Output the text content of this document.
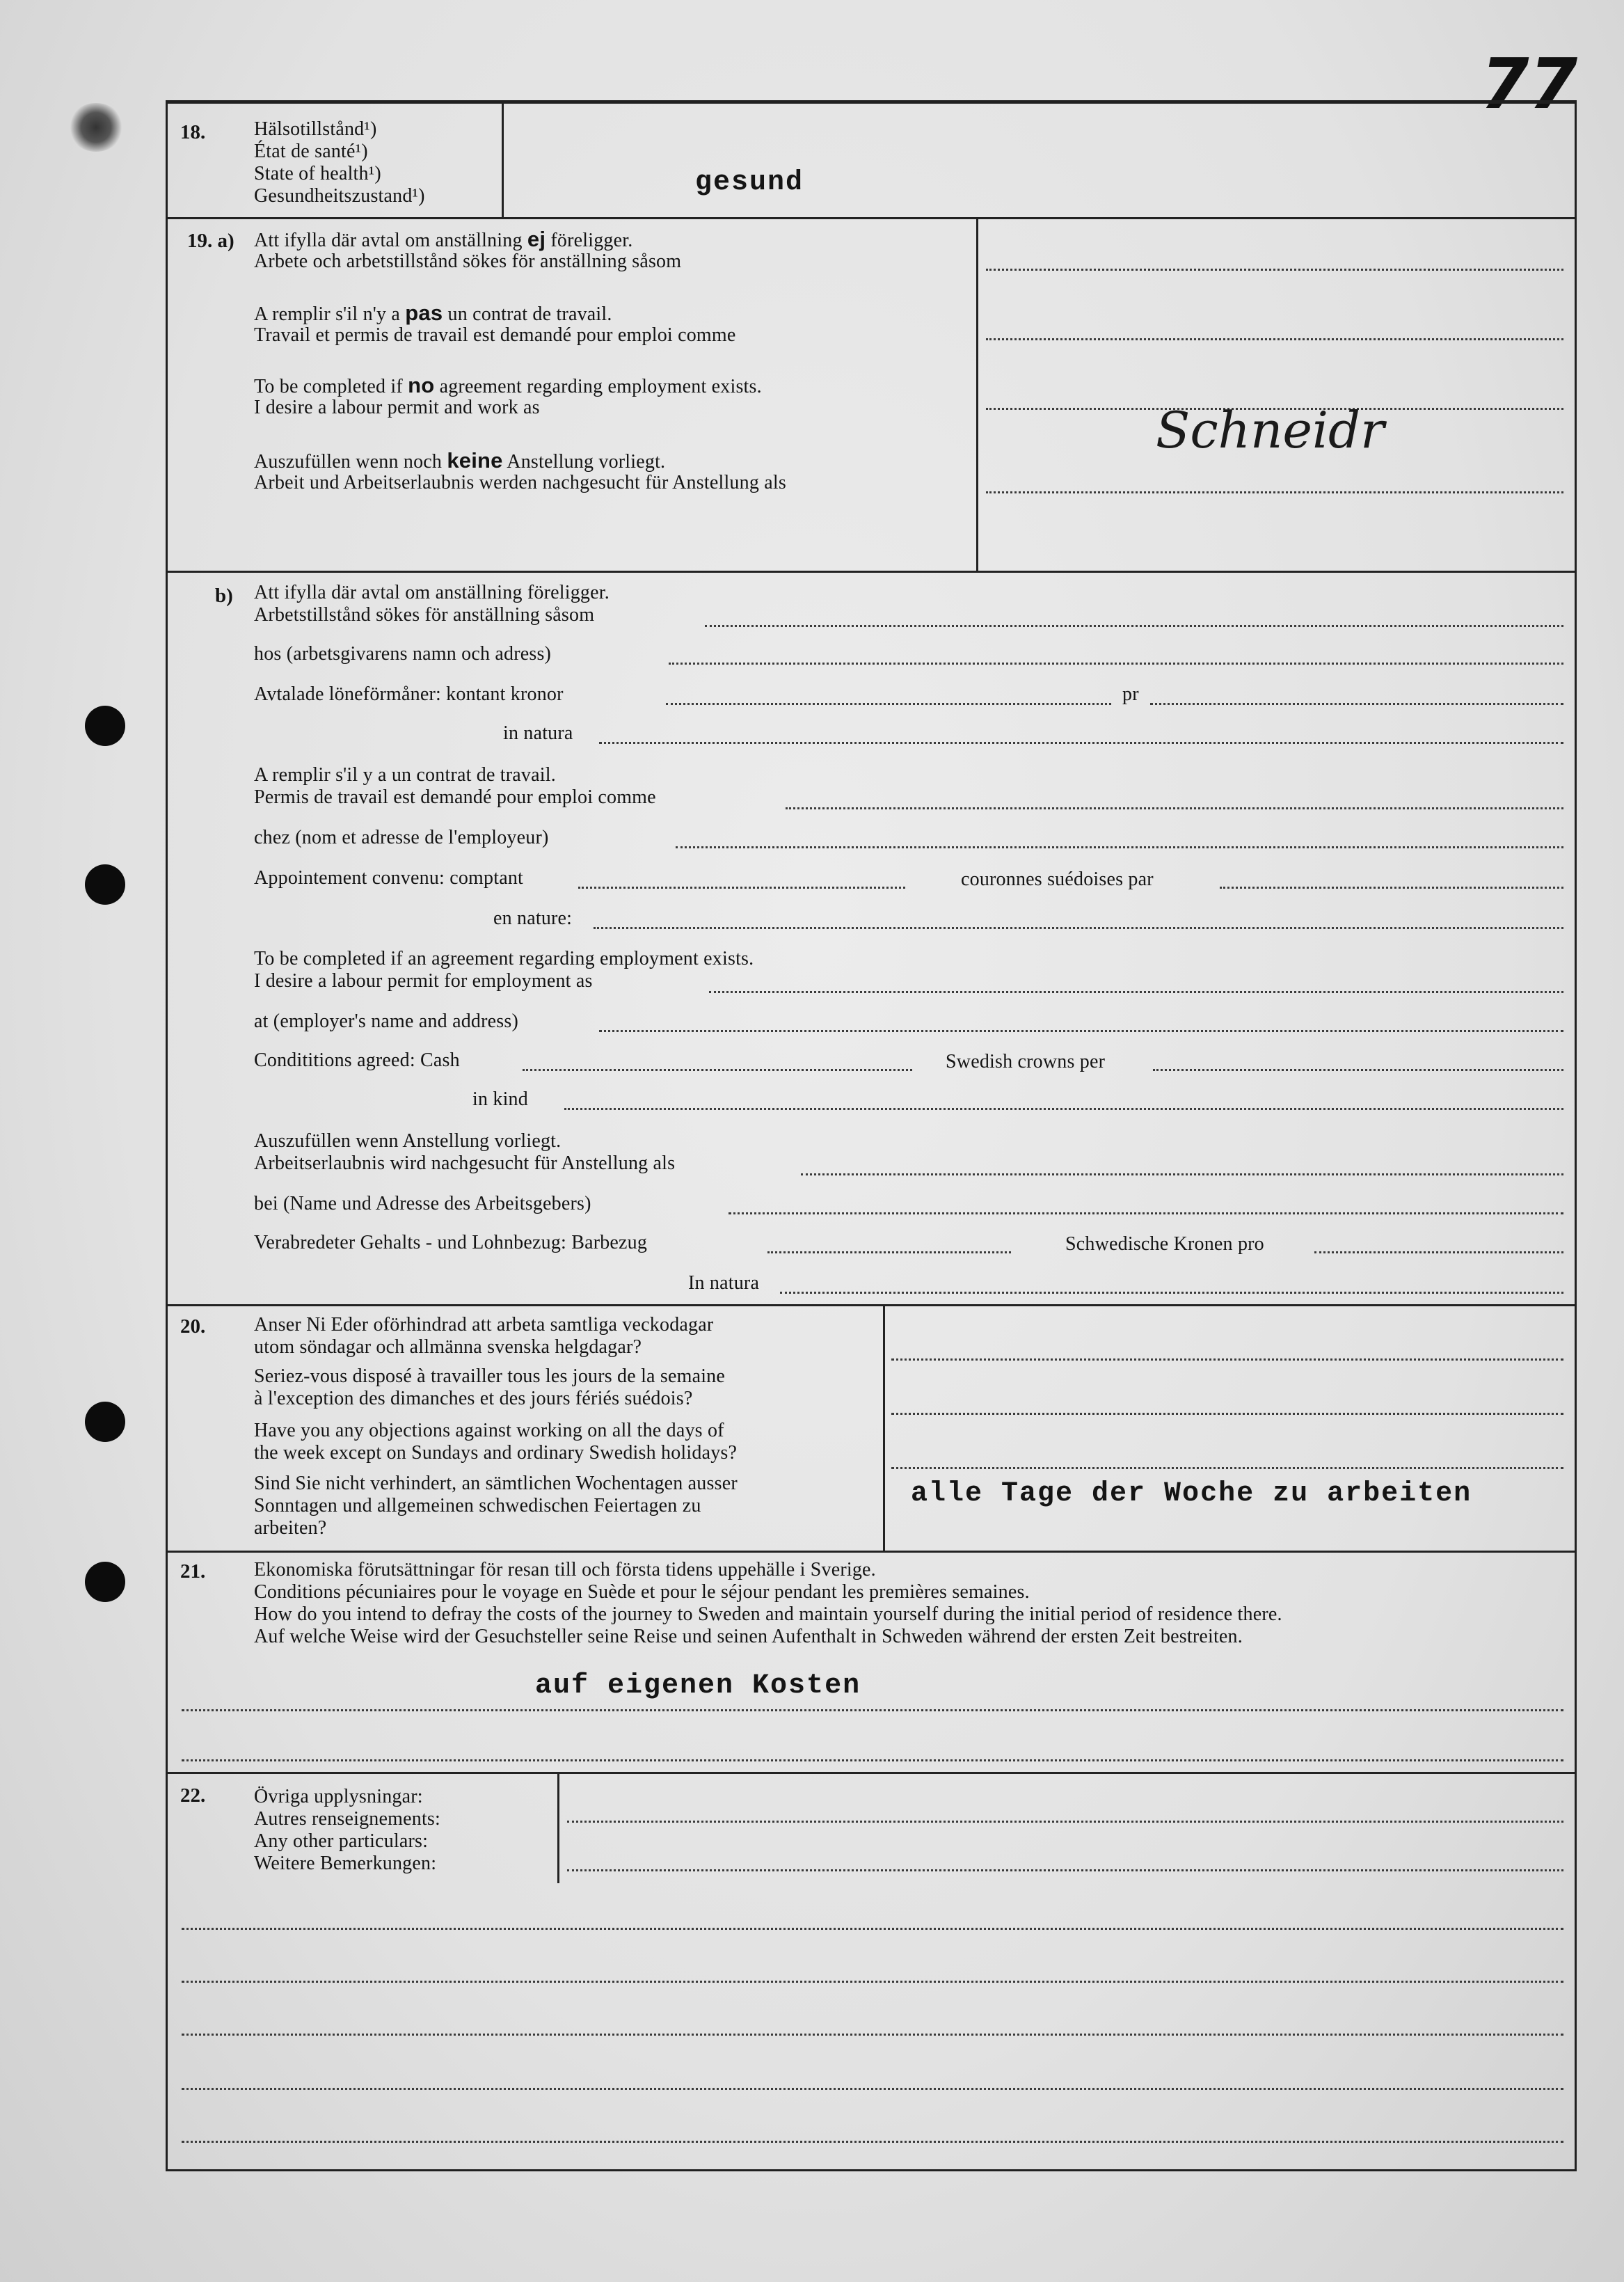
77
18. Hälsotillstånd¹)
État de santé¹)
State of health¹)
Gesundheitszustand¹)	gesund
19. a) Att ifylla där avtal om anställning ej föreligger.
Arbete och arbetstillstånd sökes för anställning såsom
A remplir s'il n'y a pas un contrat de travail.
Travail et permis de travail est demandé pour emploi comme
To be completed if no agreement regarding employment exists.
I desire a labour permit and work as
Auszufüllen wenn noch keine Anstellung vorliegt.
Arbeit und Arbeitserlaubnis werden nachgesucht für Anstellung als
Schneidr
b) Att ifylla där avtal om anställning föreligger.
Arbetstillstånd sökes för anställning såsom
hos (arbetsgivarens namn och adress)
Avtalade löneförmåner: kontant kronor	pr
in natura
A remplir s'il y a un contrat de travail.
Permis de travail est demandé pour emploi comme
chez (nom et adresse de l'employeur)
Appointement convenu: comptant	couronnes suédoises par
en nature:
To be completed if an agreement regarding employment exists.
I desire a labour permit for employment as
at (employer's name and address)
Condititions agreed: Cash	Swedish crowns per
in kind
Auszufüllen wenn Anstellung vorliegt.
Arbeitserlaubnis wird nachgesucht für Anstellung als
bei (Name und Adresse des Arbeitsgebers)
Verabredeter Gehalts - und Lohnbezug: Barbezug	Schwedische Kronen pro
In natura
20. Anser Ni Eder oförhindrad att arbeta samtliga veckodagar
utom söndagar och allmänna svenska helgdagar?
Seriez-vous disposé à travailler tous les jours de la semaine
à l'exception des dimanches et des jours fériés suédois?
Have you any objections against working on all the days of
the week except on Sundays and ordinary Swedish holidays?
Sind Sie nicht verhindert, an sämtlichen Wochentagen ausser
Sonntagen und allgemeinen schwedischen Feiertagen zu
arbeiten?
alle Tage der Woche zu arbeiten
21. Ekonomiska förutsättningar för resan till och första tidens uppehälle i Sverige.
Conditions pécuniaires pour le voyage en Suède et pour le séjour pendant les premières semaines.
How do you intend to defray the costs of the journey to Sweden and maintain yourself during the initial period of residence there.
Auf welche Weise wird der Gesuchsteller seine Reise und seinen Aufenthalt in Schweden während der ersten Zeit bestreiten.
auf eigenen Kosten
22. Övriga upplysningar:
Autres renseignements:
Any other particulars:
Weitere Bemerkungen:
